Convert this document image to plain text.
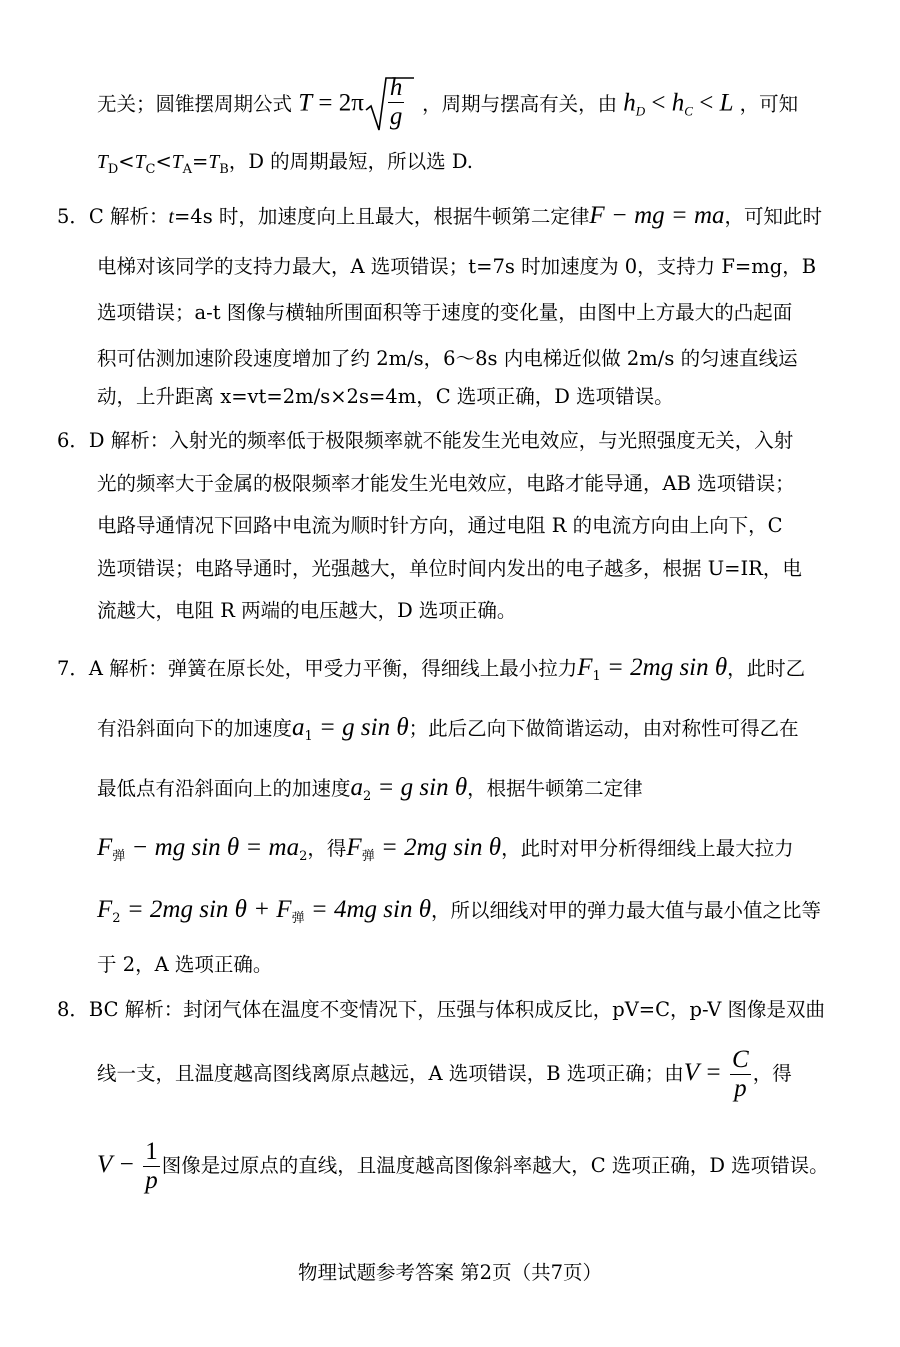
无关；圆锥摆周期公式 $T = 2\pi \frac{h}{g}$ ，周期与摆高有关，由 $h_D < h_C < L$ ，可知
$T_D<T_C<T_A=T_B$，D 的周期最短，所以选 D.
5．C 解析：t=4s 时，加速度向上且最大，根据牛顿第二定律F − mg = ma，可知此时
电梯对该同学的支持力最大，A 选项错误；t=7s 时加速度为 0，支持力 F=mg，B
选项错误；a-t 图像与横轴所围面积等于速度的变化量，由图中上方最大的凸起面
积可估测加速阶段速度增加了约 2m/s，6～8s 内电梯近似做 2m/s 的匀速直线运
动，上升距离 x=vt=2m/s×2s=4m，C 选项正确，D 选项错误。
6．D 解析：入射光的频率低于极限频率就不能发生光电效应，与光照强度无关，入射
光的频率大于金属的极限频率才能发生光电效应，电路才能导通，AB 选项错误；
电路导通情况下回路中电流为顺时针方向，通过电阻 R 的电流方向由上向下，C
选项错误；电路导通时，光强越大，单位时间内发出的电子越多，根据 U=IR，电
流越大，电阻 R 两端的电压越大，D 选项正确。
7．A 解析：弹簧在原长处，甲受力平衡，得细线上最小拉力$F_1 = 2mg$ sin θ，此时乙
有沿斜面向下的加速度$a_1 = g$ sin θ；此后乙向下做简谐运动，由对称性可得乙在
最低点有沿斜面向上的加速度$a_2 = g$ sin θ，根据牛顿第二定律
$F_弹$ − mg $\sin \theta = ma_2$，得$F_弹 = 2mg$ sin θ，此时对甲分析得细线上最大拉力
$F_2 = 2mg$ $\sin \theta + F_弹 = 4mg$ sin θ，所以细线对甲的弹力最大值与最小值之比等
于 2，A 选项正确。
8．BC 解析：封闭气体在温度不变情况下，压强与体积成反比，pV=C，p-V 图像是双曲
线一支，且温度越高图线离原点越远，A 选项错误，B 选项正确；由$V = \frac{C}{p}$ ，得
$V - \frac{1}{p}$ 图像是过原点的直线，且温度越高图像斜率越大，C 选项正确，D 选项错误。
物理试题参考答案 第2页（共7页）
